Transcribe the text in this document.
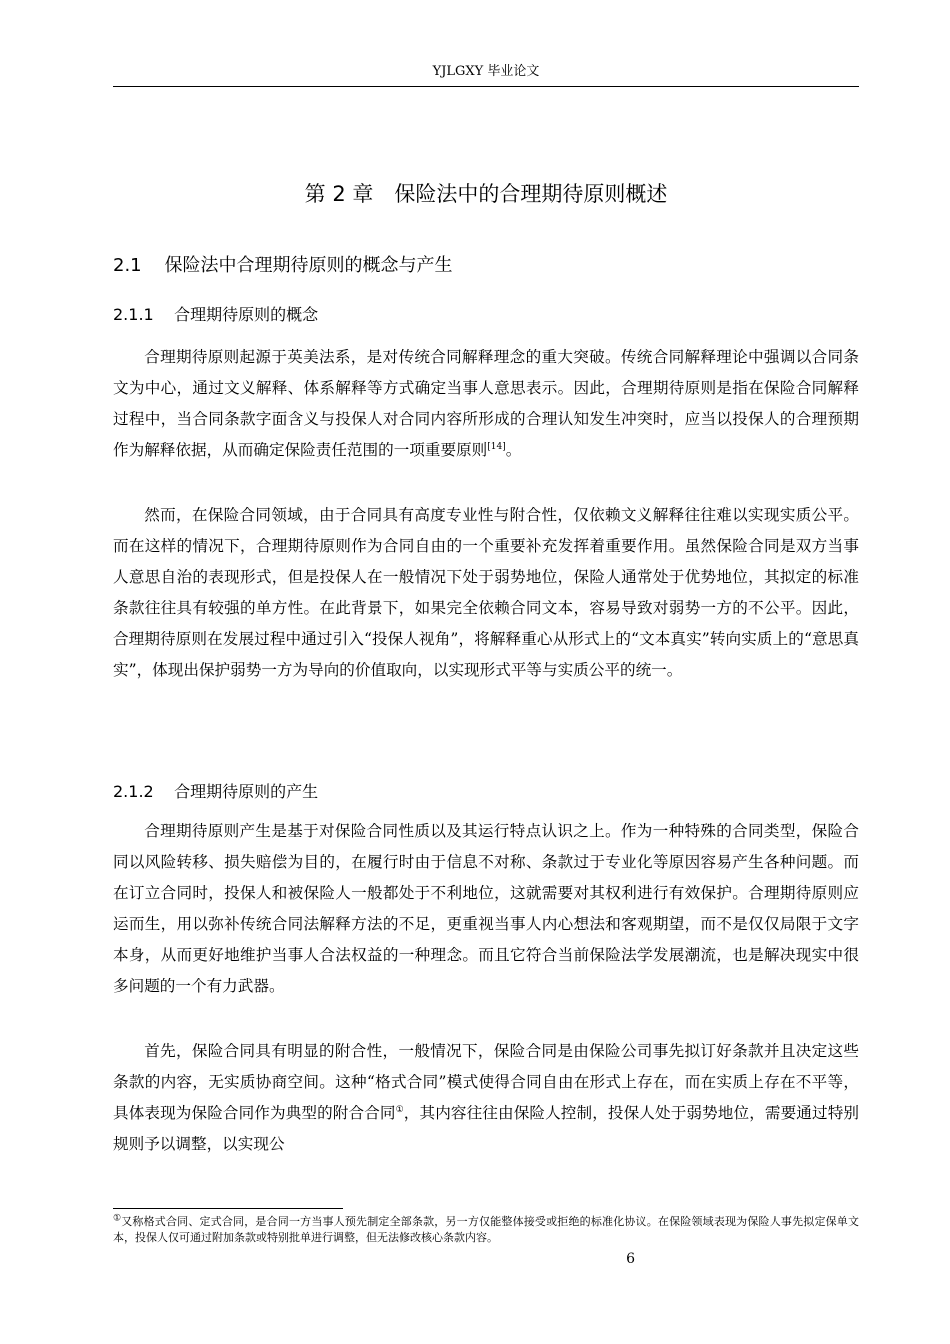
YJLGXY 毕业论文
第 2 章　保险法中的合理期待原则概述
2.1 保险法中合理期待原则的概念与产生
2.1.1 合理期待原则的概念

合理期待原则起源于英美法系，是对传统合同解释理念的重大突破。传统合同解释理论中强调以合同条文为中心，通过文义解释、体系解释等方式确定当事人意思表示。因此，合理期待原则是指在保险合同解释过程中，当合同条款字面含义与投保人对合同内容所形成的合理认知发生冲突时，应当以投保人的合理预期作为解释依据，从而确定保险责任范围的一项重要原则[14]。

然而，在保险合同领域，由于合同具有高度专业性与附合性，仅依赖文义解释往往难以实现实质公平。而在这样的情况下，合理期待原则作为合同自由的一个重要补充发挥着重要作用。虽然保险合同是双方当事人意思自治的表现形式，但是投保人在一般情况下处于弱势地位，保险人通常处于优势地位，其拟定的标准条款往往具有较强的单方性。在此背景下，如果完全依赖合同文本，容易导致对弱势一方的不公平。因此，合理期待原则在发展过程中通过引入“投保人视角”，将解释重心从形式上的“文本真实”转向实质上的“意思真实”，体现出保护弱势一方为导向的价值取向，以实现形式平等与实质公平的统一。

2.1.2 合理期待原则的产生

合理期待原则产生是基于对保险合同性质以及其运行特点认识之上。作为一种特殊的合同类型，保险合同以风险转移、损失赔偿为目的，在履行时由于信息不对称、条款过于专业化等原因容易产生各种问题。而在订立合同时，投保人和被保险人一般都处于不利地位，这就需要对其权利进行有效保护。合理期待原则应运而生，用以弥补传统合同法解释方法的不足，更重视当事人内心想法和客观期望，而不是仅仅局限于文字本身，从而更好地维护当事人合法权益的一种理念。而且它符合当前保险法学发展潮流，也是解决现实中很多问题的一个有力武器。

首先，保险合同具有明显的附合性，一般情况下，保险合同是由保险公司事先拟订好条款并且决定这些条款的内容，无实质协商空间。这种“格式合同”模式使得合同自由在形式上存在，而在实质上存在不平等，具体表现为保险合同作为典型的附合合同①，其内容往往由保险人控制，投保人处于弱势地位，需要通过特别规则予以调整，以实现公

①又称格式合同、定式合同，是合同一方当事人预先制定全部条款，另一方仅能整体接受或拒绝的标准化协议。在保险领域表现为保险人事先拟定保单文本，投保人仅可通过附加条款或特别批单进行调整，但无法修改核心条款内容。

6
